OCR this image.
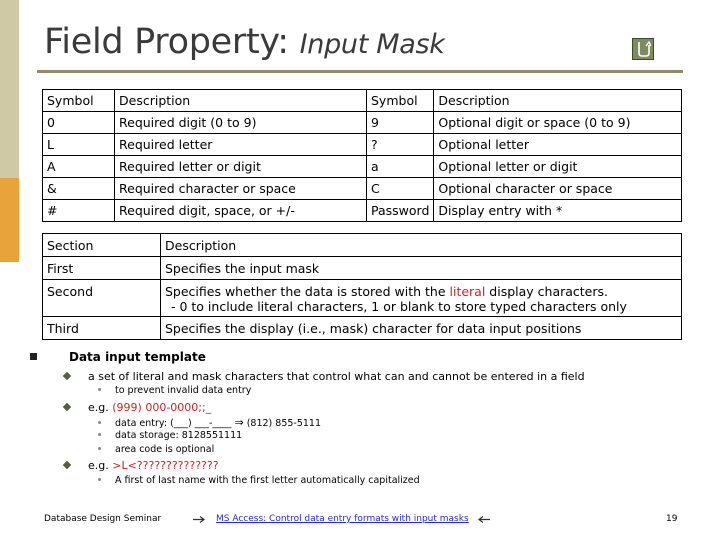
Field Property: Input Mask
Symbol	Description	Symbol	Description
0	Required digit (0 to 9)	9	Optional digit or space (0 to 9)
L	Required letter	?	Optional letter
A	Required letter or digit	a	Optional letter or digit
&	Required character or space	C	Optional character or space
#	Required digit, space, or +/-	Password	Display entry with *
Section	Description
First	Specifies the input mask
Second	Specifies whether the data is stored with the literal display characters.
- 0 to include literal characters, 1 or blank to store typed characters only

Third	Specifies the display (i.e., mask) character for data input positions
Data input template
a set of literal and mask characters that control what can and cannot be entered in a field
to prevent invalid data entry
e.g. (999) 000-0000;;_
data entry: (___) ___-____ ⇒ (812) 855-5111
data storage: 8128551111
area code is optional
e.g. >L<??????????????
A first of last name with the first letter automatically capitalized
Database Design Seminar	MS Access: Control data entry formats with input masks	19
